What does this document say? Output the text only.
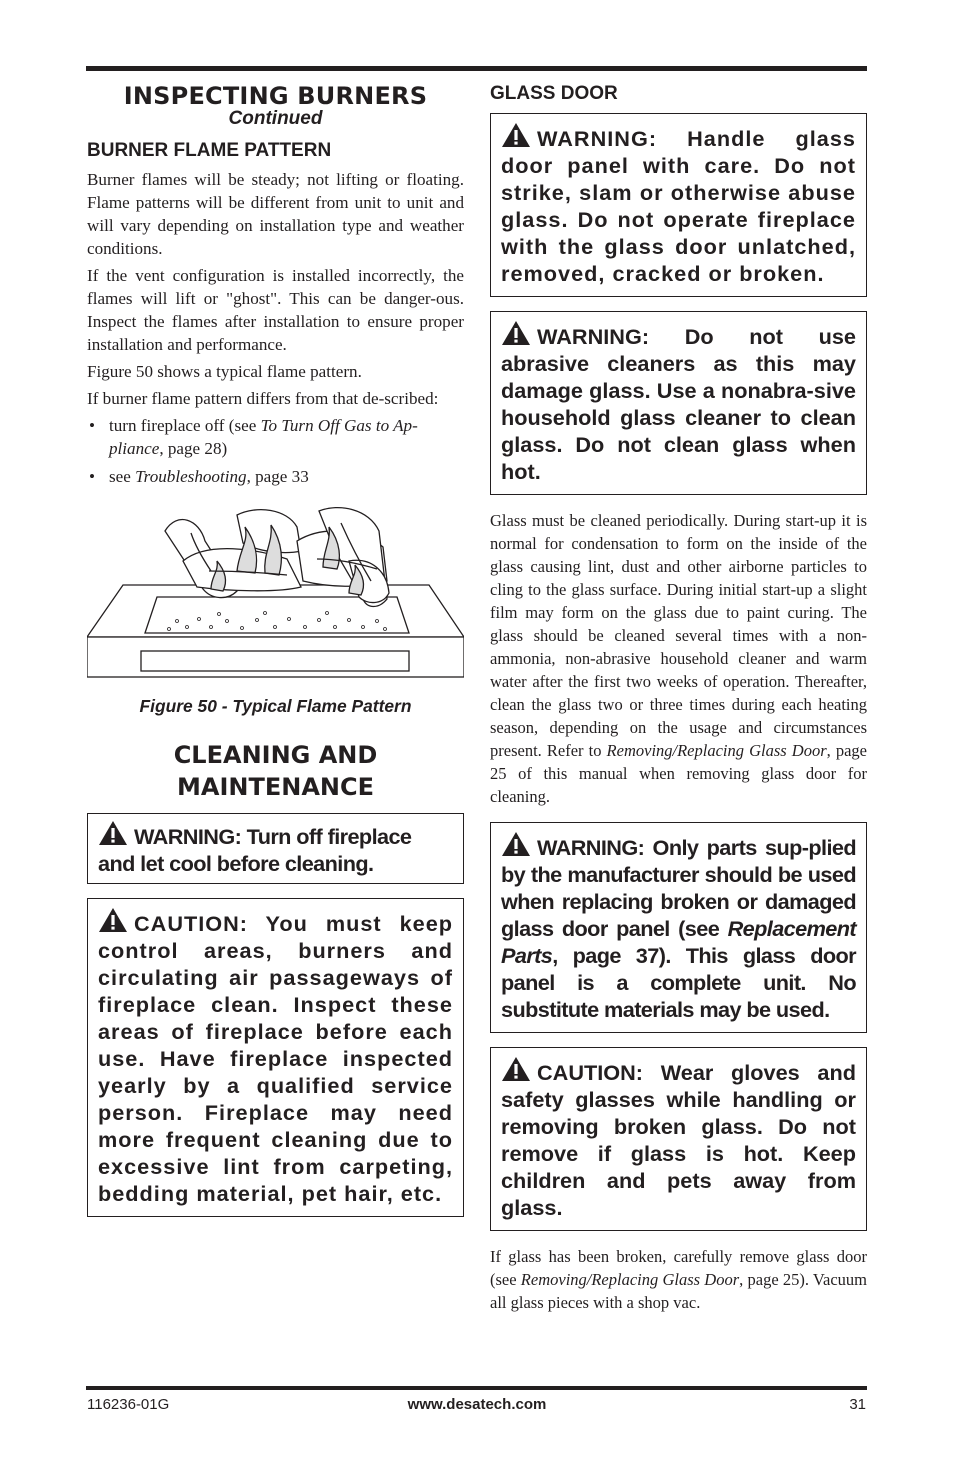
INSPECTING BURNERS
Continued
BURNER FLAME PATTERN

Burner flames will be steady; not lifting or floating. Flame patterns will be different from unit to unit and will vary depending on installation type and weather conditions.

If the vent configuration is installed incorrectly, the flames will lift or "ghost". This can be danger-ous. Inspect the flames after installation to ensure proper installation and performance.

Figure 50 shows a typical flame pattern.

If burner flame pattern differs from that de-scribed:

• turn fireplace off (see To Turn Off Gas to Ap-pliance, page 28)
• see Troubleshooting, page 33
Figure 50 - Typical Flame Pattern
CLEANING AND
MAINTENANCE

WARNING: Turn off fireplace and let cool before cleaning.

CAUTION: You must keep control areas, burners and circulating air passageways of fireplace clean. Inspect these areas of fireplace before each use. Have fireplace inspected yearly by a qualified service person. Fireplace may need more frequent cleaning due to excessive lint from carpeting, bedding material, pet hair, etc.

GLASS DOOR

WARNING: Handle glass door panel with care. Do not strike, slam or otherwise abuse glass. Do not operate fireplace with the glass door unlatched, removed, cracked or broken.

WARNING: Do not use abrasive cleaners as this may damage glass. Use a nonabra-sive household glass cleaner to clean glass. Do not clean glass when hot.

Glass must be cleaned periodically. During start-up it is normal for condensation to form on the inside of the glass causing lint, dust and other airborne particles to cling to the glass surface. During initial start-up a slight film may form on the glass due to paint curing. The glass should be cleaned several times with a non-ammonia, non-abrasive household cleaner and warm water after the first two weeks of operation. Thereafter, clean the glass two or three times during each heating season, depending on the usage and circumstances present. Refer to Removing/Replacing Glass Door, page 25 of this manual when removing glass door for cleaning.

WARNING: Only parts sup-plied by the manufacturer should be used when replacing broken or damaged glass door panel (see Replacement Parts, page 37). This glass door panel is a complete unit. No substitute materials may be used.

CAUTION: Wear gloves and safety glasses while handling or removing broken glass. Do not remove if glass is hot. Keep children and pets away from glass.

If glass has been broken, carefully remove glass door (see Removing/Replacing Glass Door, page 25). Vacuum all glass pieces with a shop vac.

116236-01G	www.desatech.com	31
